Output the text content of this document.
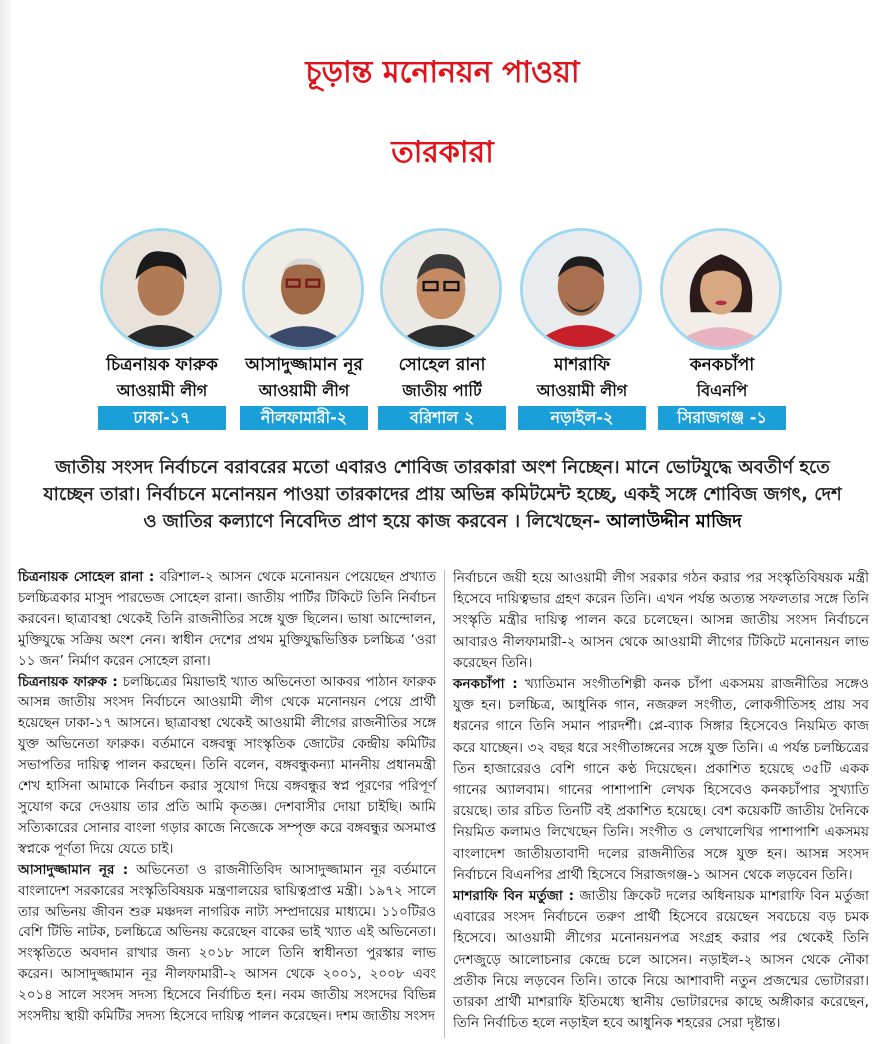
চূড়ান্ত মনোনয়ন পাওয়া
তারকারা
চিত্রনায়ক ফারুক
আওয়ামী লীগ
ঢাকা-১৭
আসাদুজ্জামান নূর
আওয়ামী লীগ
নীলফামারী-২
সোহেল রানা
জাতীয় পার্টি
বরিশাল ২
মাশরাফি
আওয়ামী লীগ
নড়াইল-২
কনকচাঁপা
বিএনপি
সিরাজগঞ্জ -১
জাতীয় সংসদ নির্বাচনে বরাবরের মতো এবারও শোবিজ তারকারা অংশ নিচ্ছেন। মানে ভোটযুদ্ধে অবতীর্ণ হতে যাচ্ছেন তারা। নির্বাচনে মনোনয়ন পাওয়া তারকাদের প্রায় অভিন্ন কমিটমেন্ট হচ্ছে, একই সঙ্গে শোবিজ জগৎ, দেশ ও জাতির কল্যাণে নিবেদিত প্রাণ হয়ে কাজ করবেন । লিখেছেন- আলাউদ্দীন মাজিদ

চিত্রনায়ক সোহেল রানা : বরিশাল-২ আসন থেকে মনোনয়ন পেয়েছেন প্রখ্যাত চলচ্চিত্রকার মাসুদ পারভেজ সোহেল রানা। জাতীয় পার্টির টিকিটে তিনি নির্বাচন করবেন। ছাত্রাবস্থা থেকেই তিনি রাজনীতির সঙ্গে যুক্ত ছিলেন। ভাষা আন্দোলন, মুক্তিযুদ্ধে সক্রিয় অংশ নেন। স্বাধীন দেশের প্রথম মুক্তিযুদ্ধভিত্তিক চলচ্চিত্র ‘ওরা ১১ জন’ নির্মাণ করেন সোহেল রানা।

চিত্রনায়ক ফারুক : চলচ্চিত্রের মিয়াভাই খ্যাত অভিনেতা আকবর পাঠান ফারুক আসন্ন জাতীয় সংসদ নির্বাচনে আওয়ামী লীগ থেকে মনোনয়ন পেয়ে প্রার্থী হয়েছেন ঢাকা-১৭ আসনে। ছাত্রাবস্থা থেকেই আওয়ামী লীগের রাজনীতির সঙ্গে যুক্ত অভিনেতা ফারুক। বর্তমানে বঙ্গবন্ধু সাংস্কৃতিক জোটের কেন্দ্রীয় কমিটির সভাপতির দায়িত্ব পালন করছেন। তিনি বলেন, বঙ্গবন্ধুকন্যা মাননীয় প্রধানমন্ত্রী শেখ হাসিনা আমাকে নির্বাচন করার সুযোগ দিয়ে বঙ্গবন্ধুর স্বপ্ন পূরণের পরিপূর্ণ সুযোগ করে দেওয়ায় তার প্রতি আমি কৃতজ্ঞ। দেশবাসীর দোয়া চাইছি। আমি সত্যিকারের সোনার বাংলা গড়ার কাজে নিজেকে সম্পৃক্ত করে বঙ্গবন্ধুর অসমাপ্ত স্বপ্নকে পূর্ণতা দিয়ে যেতে চাই।

আসাদুজ্জামান নূর : অভিনেতা ও রাজনীতিবিদ আসাদুজ্জামান নূর বর্তমানে বাংলাদেশ সরকারের সংস্কৃতিবিষয়ক মন্ত্রণালয়ের দ্বায়িত্বপ্রাপ্ত মন্ত্রী। ১৯৭২ সালে তার অভিনয় জীবন শুরু মঞ্চদল নাগরিক নাট্য সম্প্রদায়ের মাধ্যমে। ১১০টিরও বেশি টিভি নাটক, চলচ্চিত্রে অভিনয় করেছেন বাকের ভাই খ্যাত এই অভিনেতা। সংস্কৃতিতে অবদান রাখার জন্য ২০১৮ সালে তিনি স্বাধীনতা পুরস্কার লাভ করেন। আসাদুজ্জামান নূর নীলফামারী-২ আসন থেকে ২০০১, ২০০৮ এবং ২০১৪ সালে সংসদ সদস্য হিসেবে নির্বাচিত হন। নবম জাতীয় সংসদের বিভিন্ন সংসদীয় স্থায়ী কমিটির সদস্য হিসেবে দায়িত্ব পালন করেছেন। দশম জাতীয় সংসদ

নির্বাচনে জয়ী হয়ে আওয়ামী লীগ সরকার গঠন করার পর সংস্কৃতিবিষয়ক মন্ত্রী হিসেবে দায়িত্বভার গ্রহণ করেন তিনি। এখন পর্যন্ত অত্যন্ত সফলতার সঙ্গে তিনি সংস্কৃতি মন্ত্রীর দায়িত্ব পালন করে চলেছেন। আসন্ন জাতীয় সংসদ নির্বাচনে আবারও নীলফামারী-২ আসন থেকে আওয়ামী লীগের টিকিটে মনোনয়ন লাভ করেছেন তিনি।

কনকচাঁপা : খ্যাতিমান সংগীতশিল্পী কনক চাঁপা একসময় রাজনীতির সঙ্গেও যুক্ত হন। চলচ্চিত্র, আধুনিক গান, নজরুল সংগীত, লোকগীতিসহ প্রায় সব ধরনের গানে তিনি সমান পারদর্শী। প্লে-ব্যাক সিঙ্গার হিসেবেও নিয়মিত কাজ করে যাচ্ছেন। ৩২ বছর ধরে সংগীতাঙ্গনের সঙ্গে যুক্ত তিনি। এ পর্যন্ত চলচ্চিত্রের তিন হাজারেরও বেশি গানে কণ্ঠ দিয়েছেন। প্রকাশিত হয়েছে ৩৫টি একক গানের অ্যালবাম। গানের পাশাপাশি লেখক হিসেবেও কনকচাঁপার সুখ্যাতি রয়েছে। তার রচিত তিনটি বই প্রকাশিত হয়েছে। বেশ কয়েকটি জাতীয় দৈনিকে নিয়মিত কলামও লিখেছেন তিনি। সংগীত ও লেখালেখির পাশাপাশি একসময় বাংলাদেশ জাতীয়তাবাদী দলের রাজনীতির সঙ্গে যুক্ত হন। আসন্ন সংসদ নির্বাচনে বিএনপির প্রার্থী হিসেবে সিরাজগঞ্জ-১ আসন থেকে লড়বেন তিনি।

মাশরাফি বিন মর্তুজা : জাতীয় ক্রিকেট দলের অধিনায়ক মাশরাফি বিন মর্তুজা এবারের সংসদ নির্বাচনে তরুণ প্রার্থী হিসেবে রয়েছেন সবচেয়ে বড় চমক হিসেবে। আওয়ামী লীগের মনোনয়নপত্র সংগ্রহ করার পর থেকেই তিনি দেশজুড়ে আলোচনার কেন্দ্রে চলে আসেন। নড়াইল-২ আসন থেকে নৌকা প্রতীক নিয়ে লড়বেন তিনি। তাকে নিয়ে আশাবাদী নতুন প্রজন্মের ভোটাররা। তারকা প্রার্থী মাশরাফি ইতিমধ্যে স্থানীয় ভোটারদের কাছে অঙ্গীকার করেছেন, তিনি নির্বাচিত হলে নড়াইল হবে আধুনিক শহরের সেরা দৃষ্টান্ত।
